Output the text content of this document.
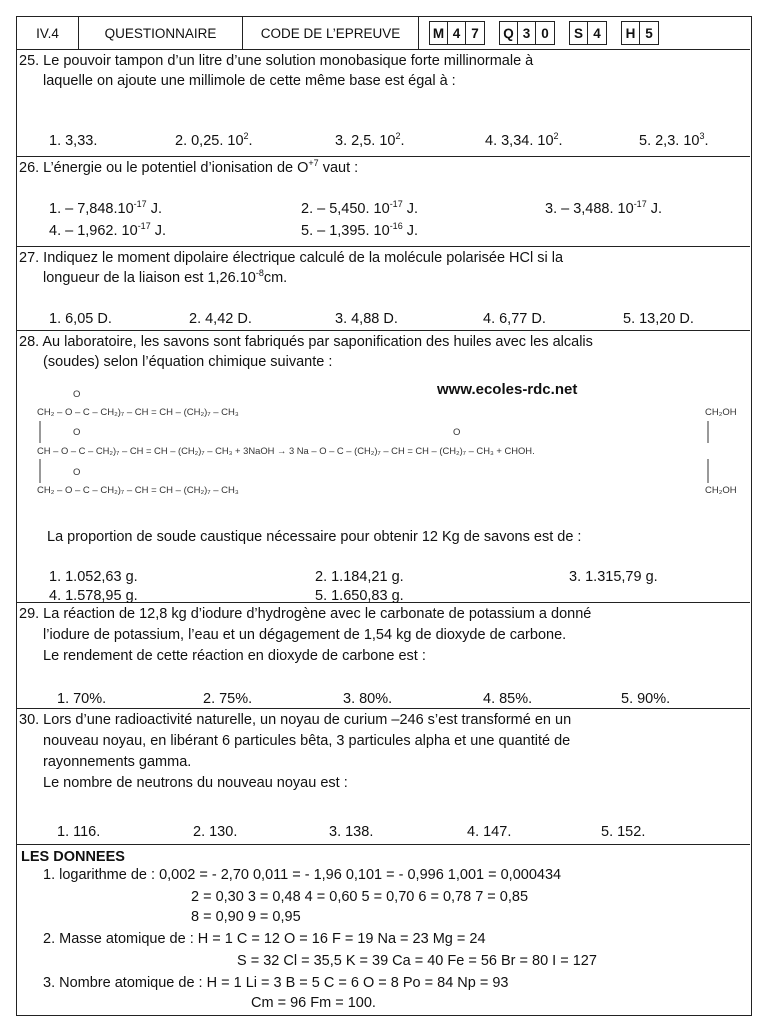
IV.4	QUESTIONNAIRE	CODE DE L’EPREUVE	M 4 7	Q 3 0	S 4	H 5
25. Le pouvoir tampon d’un litre d’une solution monobasique forte millinormale à
laquelle on ajoute une millimole de cette même base est égal à :
1. 3,33.	2. 0,25. $10^2$.	3. 2,5. $10^2$.	4. 3,34. $10^2$.	5. 2,3. $10^3$.
26. L’énergie ou le potentiel d’ionisation de $O^{+7}$ vaut :
1. – $7,848.10^{-17}$ J.	2. – 5,450. $10^{-17}$ J.	3. – 3,488. $10^{-17}$ J.
4. – 1,962. $10^{-17}$ J.	5. – 1,395. $10^{-16}$ J.
27. Indiquez le moment dipolaire électrique calculé de la molécule polarisée HCl si la
longueur de la liaison est $1,26.10^{-8}cm$.
1. 6,05 D.	2. 4,42 D.	3. 4,88 D.	4. 6,77 D.	5. 13,20 D.
28. Au laboratoire, les savons sont fabriqués par saponification des huiles avec les alcalis
(soudes) selon l’équation chimique suivante :
www.ecoles-rdc.net
O
CH₂ – O – C – CH₂)₇ – CH = CH – (CH₂)₇ – CH₃
O	O
CH – O – C – CH₂)₇ – CH = CH – (CH₂)₇ – CH₃ + 3NaOH → 3 Na – O – C – (CH₂)₇ – CH = CH – (CH₂)₇ – CH₃ + CHOH.
O
CH₂ – O – C – CH₂)₇ – CH = CH – (CH₂)₇ – CH₃
CH₂OH
CH₂OH
La proportion de soude caustique nécessaire pour obtenir 12 Kg de savons est de :
1. 1.052,63 g.	2. 1.184,21 g.	3. 1.315,79 g.
4. 1.578,95 g.	5. 1.650,83 g.
29. La réaction de 12,8 kg d’iodure d’hydrogène avec le carbonate de potassium a donné
l’iodure de potassium, l’eau et un dégagement de 1,54 kg de dioxyde de carbone.
Le rendement de cette réaction en dioxyde de carbone est :
1. 70%.	2. 75%.	3. 80%.	4. 85%.	5. 90%.
30. Lors d’une radioactivité naturelle, un noyau de curium –246 s’est transformé en un
nouveau noyau, en libérant 6 particules bêta, 3 particules alpha et une quantité de
rayonnements gamma.
Le nombre de neutrons du nouveau noyau est :
1. 116.	2. 130.	3. 138.	4. 147.	5. 152.
LES DONNEES
1. logarithme de : 0,002 = - 2,70 0,011 = - 1,96 0,101 = - 0,996 1,001 = 0,000434
2 = 0,30 3 = 0,48 4 = 0,60 5 = 0,70 6 = 0,78 7 = 0,85
8 = 0,90 9 = 0,95
2. Masse atomique de : H = 1 C = 12 O = 16 F = 19 Na = 23 Mg = 24
S = 32 Cl = 35,5 K = 39 Ca = 40 Fe = 56 Br = 80 I = 127
3. Nombre atomique de : H = 1 Li = 3 B = 5 C = 6 O = 8 Po = 84 Np = 93
Cm = 96 Fm = 100.
